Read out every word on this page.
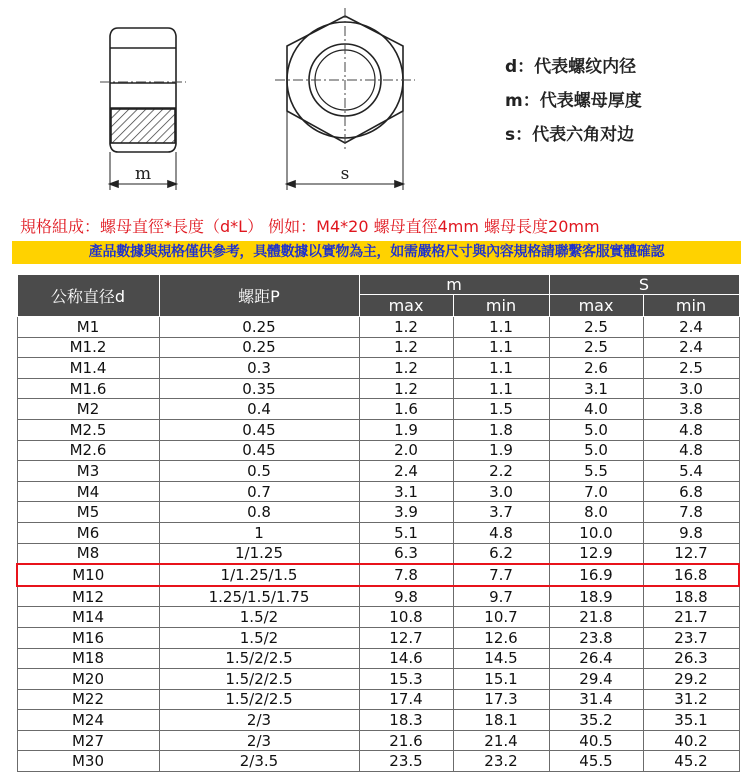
m	s
d：代表螺纹内径
m：代表螺母厚度
s：代表六角对边
規格組成：螺母直徑*長度（d*L） 例如：M4*20 螺母直徑4mm 螺母長度20mm
產品數據與規格僅供參考，具體數據以實物為主，如需嚴格尺寸與內容規格請聯繫客服實體確認
公称直径d	螺距P	m		S	
		max	min	max	min
M1	0.25	1.2	1.1	2.5	2.4
M1.2	0.25	1.2	1.1	2.5	2.4
M1.4	0.3	1.2	1.1	2.6	2.5
M1.6	0.35	1.2	1.1	3.1	3.0
M2	0.4	1.6	1.5	4.0	3.8
M2.5	0.45	1.9	1.8	5.0	4.8
M2.6	0.45	2.0	1.9	5.0	4.8
M3	0.5	2.4	2.2	5.5	5.4
M4	0.7	3.1	3.0	7.0	6.8
M5	0.8	3.9	3.7	8.0	7.8
M6	1	5.1	4.8	10.0	9.8
M8	1/1.25	6.3	6.2	12.9	12.7
M10	1/1.25/1.5	7.8	7.7	16.9	16.8
M12	1.25/1.5/1.75	9.8	9.7	18.9	18.8
M14	1.5/2	10.8	10.7	21.8	21.7
M16	1.5/2	12.7	12.6	23.8	23.7
M18	1.5/2/2.5	14.6	14.5	26.4	26.3
M20	1.5/2/2.5	15.3	15.1	29.4	29.2
M22	1.5/2/2.5	17.4	17.3	31.4	31.2
M24	2/3	18.3	18.1	35.2	35.1
M27	2/3	21.6	21.4	40.5	40.2
M30	2/3.5	23.5	23.2	45.5	45.2
